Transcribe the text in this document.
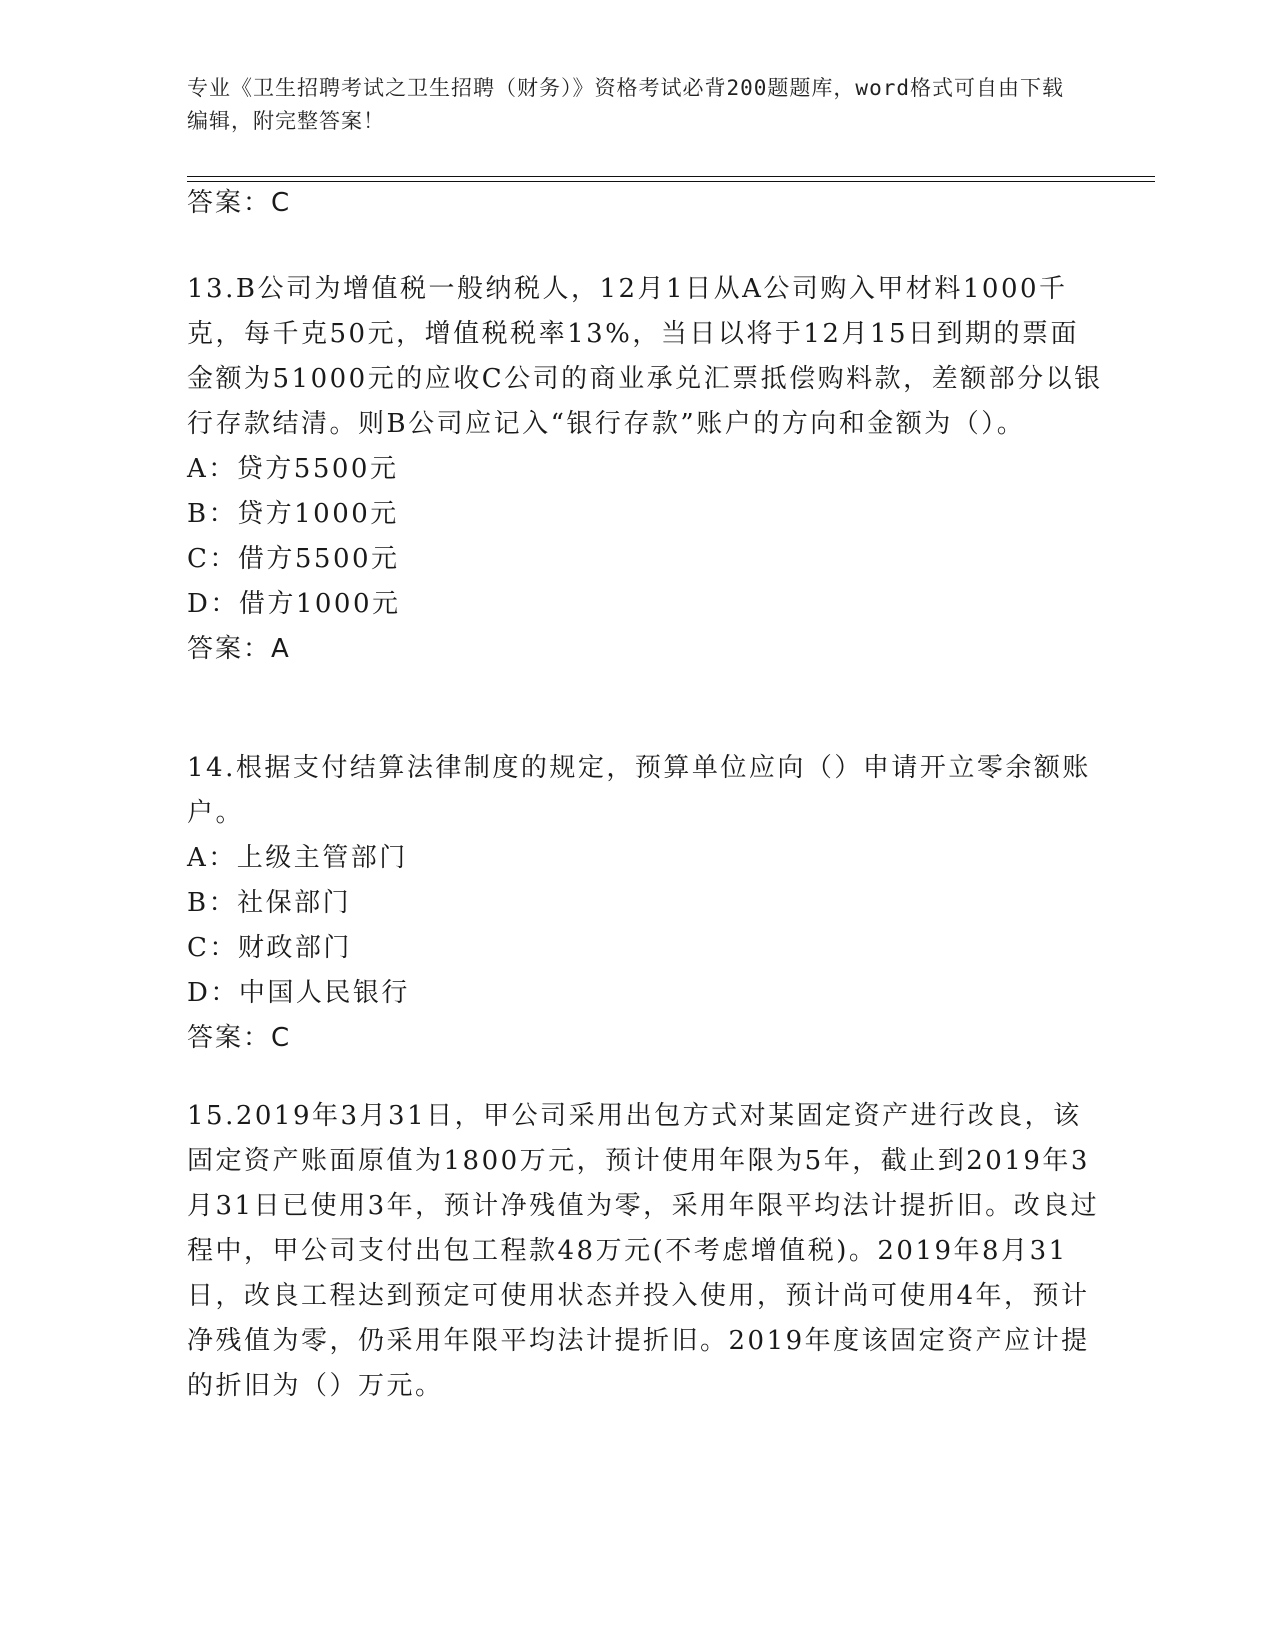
专业《卫生招聘考试之卫生招聘（财务）》资格考试必背200题题库，word格式可自由下载编辑，附完整答案！
答案：C

13.B公司为增值税一般纳税人，12月1日从A公司购入甲材料1000千克，每千克50元，增值税税率13%，当日以将于12月15日到期的票面金额为51000元的应收C公司的商业承兑汇票抵偿购料款，差额部分以银行存款结清。则B公司应记入“银行存款”账户的方向和金额为（）。

A：贷方5500元
B：贷方1000元
C：借方5500元
D：借方1000元
答案：A

14.根据支付结算法律制度的规定，预算单位应向（）申请开立零余额账户。

A：上级主管部门
B：社保部门
C：财政部门
D：中国人民银行
答案：C

15.2019年3月31日，甲公司采用出包方式对某固定资产进行改良，该固定资产账面原值为1800万元，预计使用年限为5年，截止到2019年3月31日已使用3年，预计净残值为零，采用年限平均法计提折旧。改良过程中，甲公司支付出包工程款48万元(不考虑增值税)。2019年8月31日，改良工程达到预定可使用状态并投入使用，预计尚可使用4年，预计净残值为零，仍采用年限平均法计提折旧。2019年度该固定资产应计提的折旧为（）万元。
